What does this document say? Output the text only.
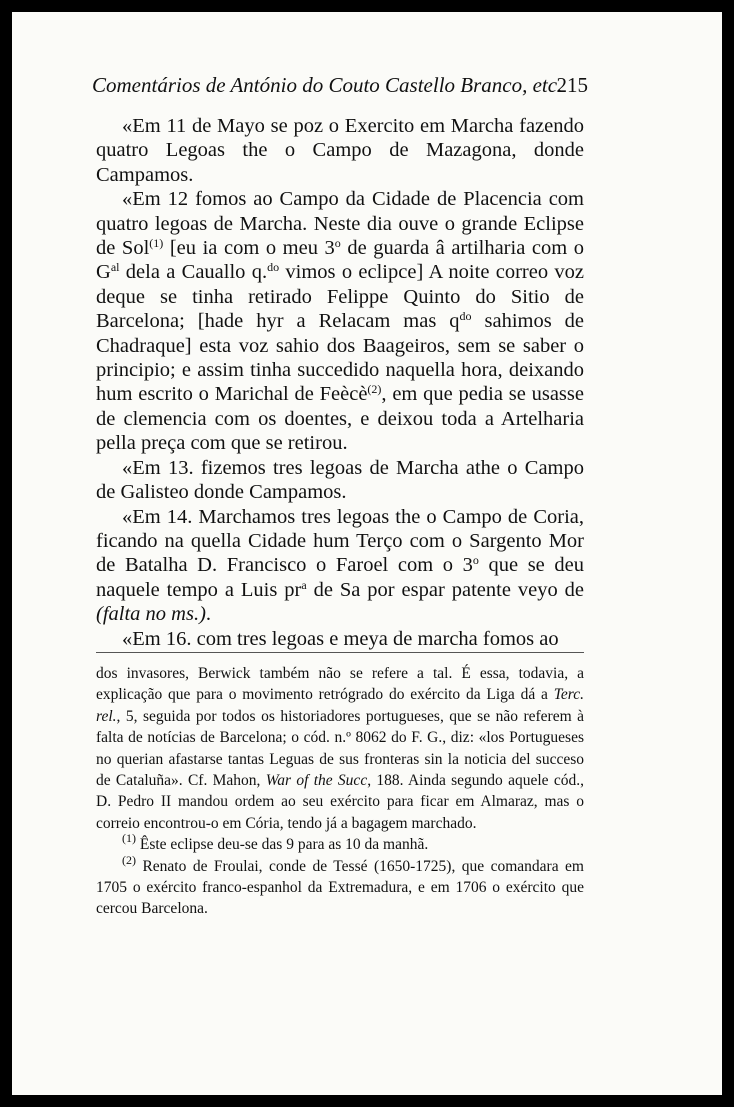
Comentários de António do Couto Castello Branco, etc.
215

«Em 11 de Mayo se poz o Exercito em Marcha fazendo quatro Legoas the o Campo de Mazagona, donde Campamos.

«Em 12 fomos ao Campo da Cidade de Placencia com quatro legoas de Marcha. Neste dia ouve o grande Eclipse de Sol$^{(1)}$ [eu ia com o meu 3$^o$ de guarda â artilharia com o $G^{al}$ dela a Cauallo q.$^{do}$ vimos o eclipce] A noite correo voz deque se tinha retirado Felippe Quinto do Sitio de Barcelona; [hade hyr a Relacam mas $q^{do}$ sahimos de Chadraque] esta voz sahio dos Baageiros, sem se saber o principio; e assim tinha succedido naquella hora, deixando hum escrito o Marichal de Feècè$^{(2)}$, em que pedia se usasse de clemencia com os doentes, e deixou toda a Artelharia pella preça com que se retirou.

«Em 13. fizemos tres legoas de Marcha athe o Campo de Galisteo donde Campamos.

«Em 14. Marchamos tres legoas the o Campo de Coria, ficando na quella Cidade hum Terço com o Sargento Mor de Batalha D. Francisco o Faroel com o 3$^o$ que se deu naquele tempo a Luis $pr^a$ de Sa por espar patente veyo de (falta no ms.).

«Em 16. com tres legoas e meya de marcha fomos ao

dos invasores, Berwick também não se refere a tal. É essa, todavia, a explicação que para o movimento retrógrado do exército da Liga dá a Terc. rel., 5, seguida por todos os historiadores portugueses, que se não referem à falta de notícias de Barcelona; o cód. n.º 8062 do F. G., diz: «los Portugueses no querian afastarse tantas Leguas de sus fronteras sin la noticia del succeso de Cataluña». Cf. Mahon, War of the Succ, 188. Ainda segundo aquele cód., D. Pedro II mandou ordem ao seu exército para ficar em Almaraz, mas o correio encontrou-o em Cória, tendo já a bagagem marchado.

$^{(1)}$ Êste eclipse deu-se das 9 para as 10 da manhã.

$^{(2)}$ Renato de Froulai, conde de Tessé (1650-1725), que comandara em 1705 o exército franco-espanhol da Extremadura, e em 1706 o exército que cercou Barcelona.
